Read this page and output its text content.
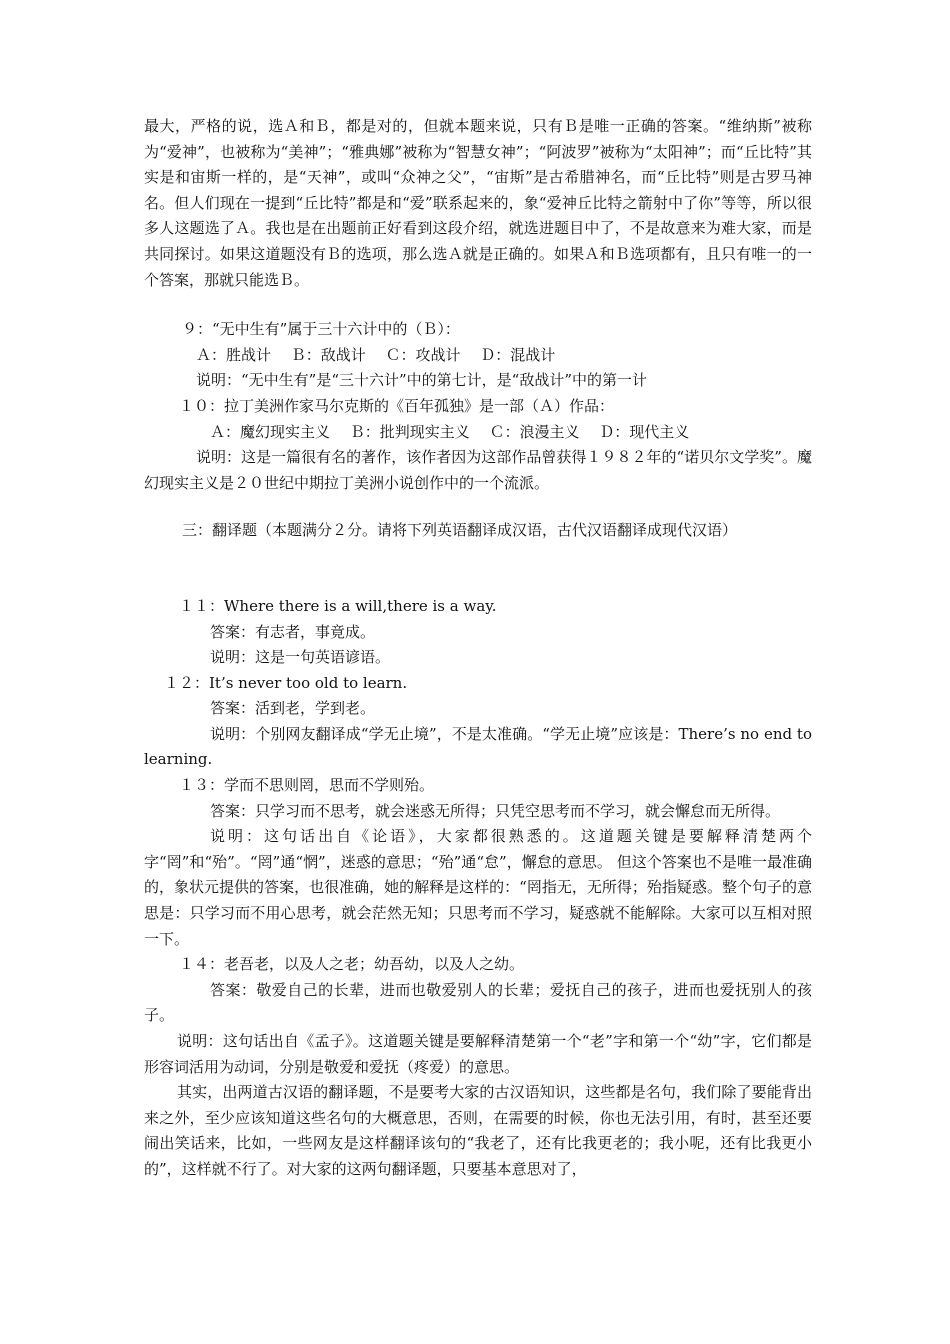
最大，严格的说，选Ａ和Ｂ，都是对的，但就本题来说，只有Ｂ是唯一正确的答案。“维纳斯”被称为“爱神”，也被称为“美神”；“雅典娜”被称为“智慧女神”；“阿波罗”被称为“太阳神”；而“丘比特”其实是和宙斯一样的，是“天神”，或叫“众神之父”，“宙斯”是古希腊神名，而“丘比特”则是古罗马神名。但人们现在一提到“丘比特”都是和“爱”联系起来的，象“爱神丘比特之箭射中了你”等等，所以很多人这题选了Ａ。我也是在出题前正好看到这段介绍，就选进题目中了，不是故意来为难大家，而是共同探讨。如果这道题没有Ｂ的选项，那么选Ａ就是正确的。如果Ａ和Ｂ选项都有，且只有唯一的一个答案，那就只能选Ｂ。

９：“无中生有”属于三十六计中的（Ｂ）：

Ａ：胜战计　 Ｂ：敌战计　 Ｃ：攻战计　 Ｄ：混战计

说明：“无中生有”是“三十六计”中的第七计，是“敌战计”中的第一计

１０：拉丁美洲作家马尔克斯的《百年孤独》是一部（Ａ）作品：

Ａ：魔幻现实主义　 Ｂ：批判现实主义　 Ｃ：浪漫主义　 Ｄ：现代主义

说明：这是一篇很有名的著作，该作者因为这部作品曾获得１９８２年的“诺贝尔文学奖”。魔幻现实主义是２０世纪中期拉丁美洲小说创作中的一个流派。

三：翻译题（本题满分２分。请将下列英语翻译成汉语，古代汉语翻译成现代汉语）

１１：Where there is a will,there is a way.

答案：有志者，事竟成。

说明：这是一句英语谚语。

１２：It’s never too old to learn.

答案：活到老，学到老。

说明：个别网友翻译成“学无止境”，不是太准确。“学无止境”应该是：There’s no end to learning.

１３：学而不思则罔，思而不学则殆。

答案：只学习而不思考，就会迷惑无所得；只凭空思考而不学习，就会懈怠而无所得。

说明：这句话出自《论语》，大家都很熟悉的。这道题关键是要解释清楚两个字“罔”和“殆”。“罔”通“惘”，迷惑的意思；“殆”通“怠”，懈怠的意思。 但这个答案也不是唯一最准确的，象状元提供的答案，也很准确，她的解释是这样的：“罔指无，无所得；殆指疑惑。整个句子的意思是：只学习而不用心思考，就会茫然无知；只思考而不学习，疑惑就不能解除。大家可以互相对照一下。

１４：老吾老，以及人之老；幼吾幼，以及人之幼。

答案：敬爱自己的长辈，进而也敬爱别人的长辈；爱抚自己的孩子，进而也爱抚别人的孩子。

说明：这句话出自《孟子》。这道题关键是要解释清楚第一个“老”字和第一个“幼”字，它们都是形容词活用为动词，分别是敬爱和爱抚（疼爱）的意思。

其实，出两道古汉语的翻译题，不是要考大家的古汉语知识，这些都是名句，我们除了要能背出来之外，至少应该知道这些名句的大概意思，否则，在需要的时候，你也无法引用，有时，甚至还要闹出笑话来，比如，一些网友是这样翻译该句的“我老了，还有比我更老的；我小呢，还有比我更小的”，这样就不行了。对大家的这两句翻译题，只要基本意思对了，
